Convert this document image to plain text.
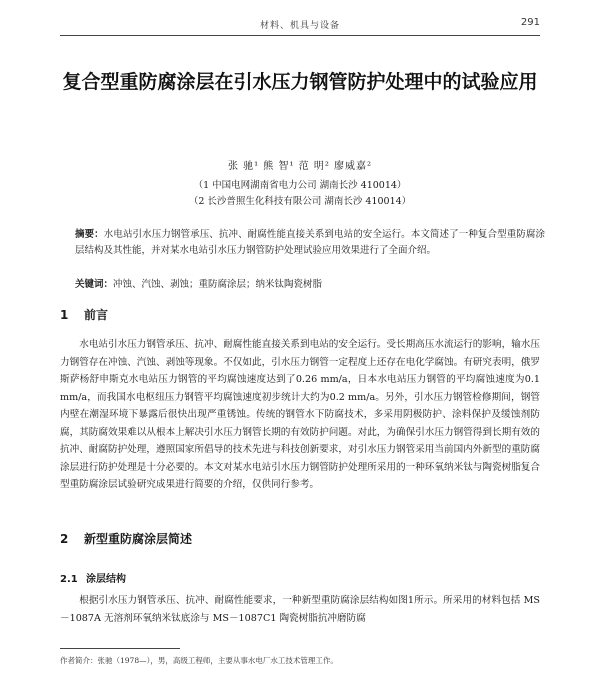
材料、机具与设备	291
复合型重防腐涂层在引水压力钢管防护处理中的试验应用
张 驰¹ 熊 智¹ 范 明² 廖威嘉²
（1 中国电网湖南省电力公司 湖南长沙 410014）
（2 长沙普照生化科技有限公司 湖南长沙 410014）

摘要：水电站引水压力钢管承压、抗冲、耐腐性能直接关系到电站的安全运行。本文简述了一种复合型重防腐涂层结构及其性能，并对某水电站引水压力钢管防护处理试验应用效果进行了全面介绍。

关键词：冲蚀、汽蚀、剥蚀；重防腐涂层；纳米钛陶瓷树脂

1 前言

水电站引水压力钢管承压、抗冲、耐腐性能直接关系到电站的安全运行。受长期高压水流运行的影响，输水压力钢管存在冲蚀、汽蚀、剥蚀等现象。不仅如此，引水压力钢管一定程度上还存在电化学腐蚀。有研究表明，俄罗斯萨杨舒申斯克水电站压力钢管的平均腐蚀速度达到了0.26 mm/a，日本水电站压力钢管的平均腐蚀速度为0.1 mm/a，而我国水电枢纽压力钢管平均腐蚀速度初步统计大约为0.2 mm/a。另外，引水压力钢管检修期间，钢管内壁在潮湿环境下暴露后很快出现严重锈蚀。传统的钢管水下防腐技术，多采用阴极防护、涂料保护及缓蚀剂防腐，其防腐效果难以从根本上解决引水压力钢管长期的有效防护问题。对此，为确保引水压力钢管得到长期有效的抗冲、耐腐防护处理，遵照国家所倡导的技术先进与科技创新要求，对引水压力钢管采用当前国内外新型的重防腐涂层进行防护处理是十分必要的。本文对某水电站引水压力钢管防护处理所采用的一种环氧纳米钛与陶瓷树脂复合型重防腐涂层试验研究成果进行简要的介绍，仅供同行参考。

2 新型重防腐涂层简述
2.1 涂层结构

根据引水压力钢管承压、抗冲、耐腐性能要求，一种新型重防腐涂层结构如图1所示。所采用的材料包括 MS－1087A 无溶剂环氧纳米钛底涂与 MS－1087C1 陶瓷树脂抗冲磨防腐

作者简介：张驰（1978—），男，高级工程师，主要从事水电厂水工技术管理工作。
